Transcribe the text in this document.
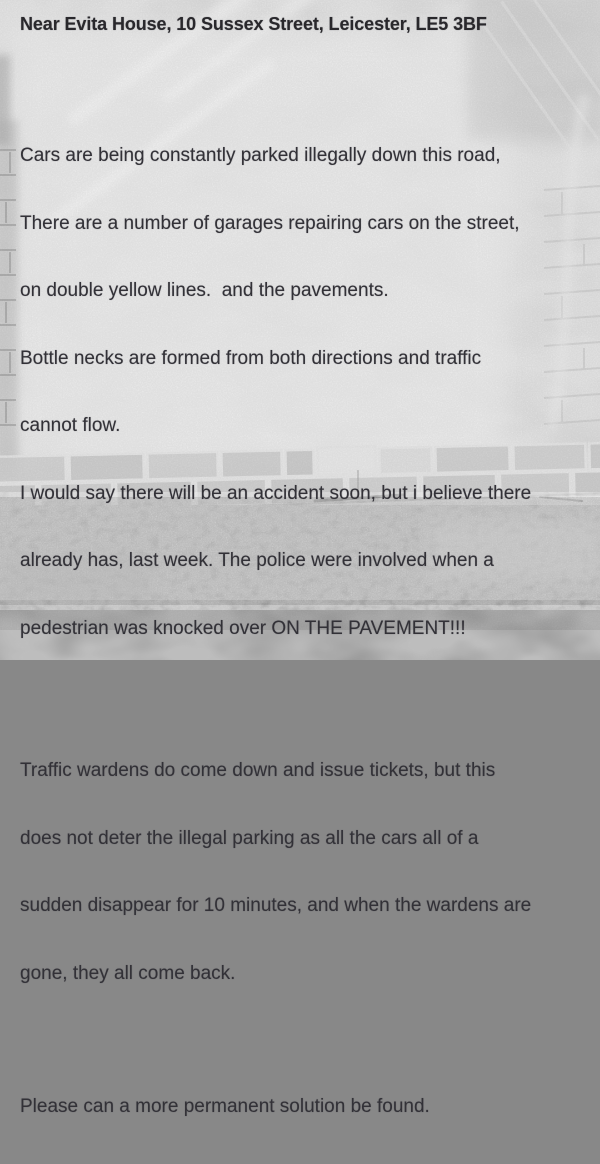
Near Evita House, 10 Sussex Street, Leicester, LE5 3BF

Cars are being constantly parked illegally down this road,

There are a number of garages repairing cars on the street,

on double yellow lines.  and the pavements.

Bottle necks are formed from both directions and traffic

cannot flow.

I would say there will be an accident soon, but i believe there

already has, last week. The police were involved when a

pedestrian was knocked over ON THE PAVEMENT!!!

Traffic wardens do come down and issue tickets, but this

does not deter the illegal parking as all the cars all of a

sudden disappear for 10 minutes, and when the wardens are

gone, they all come back.

Please can a more permanent solution be found.
